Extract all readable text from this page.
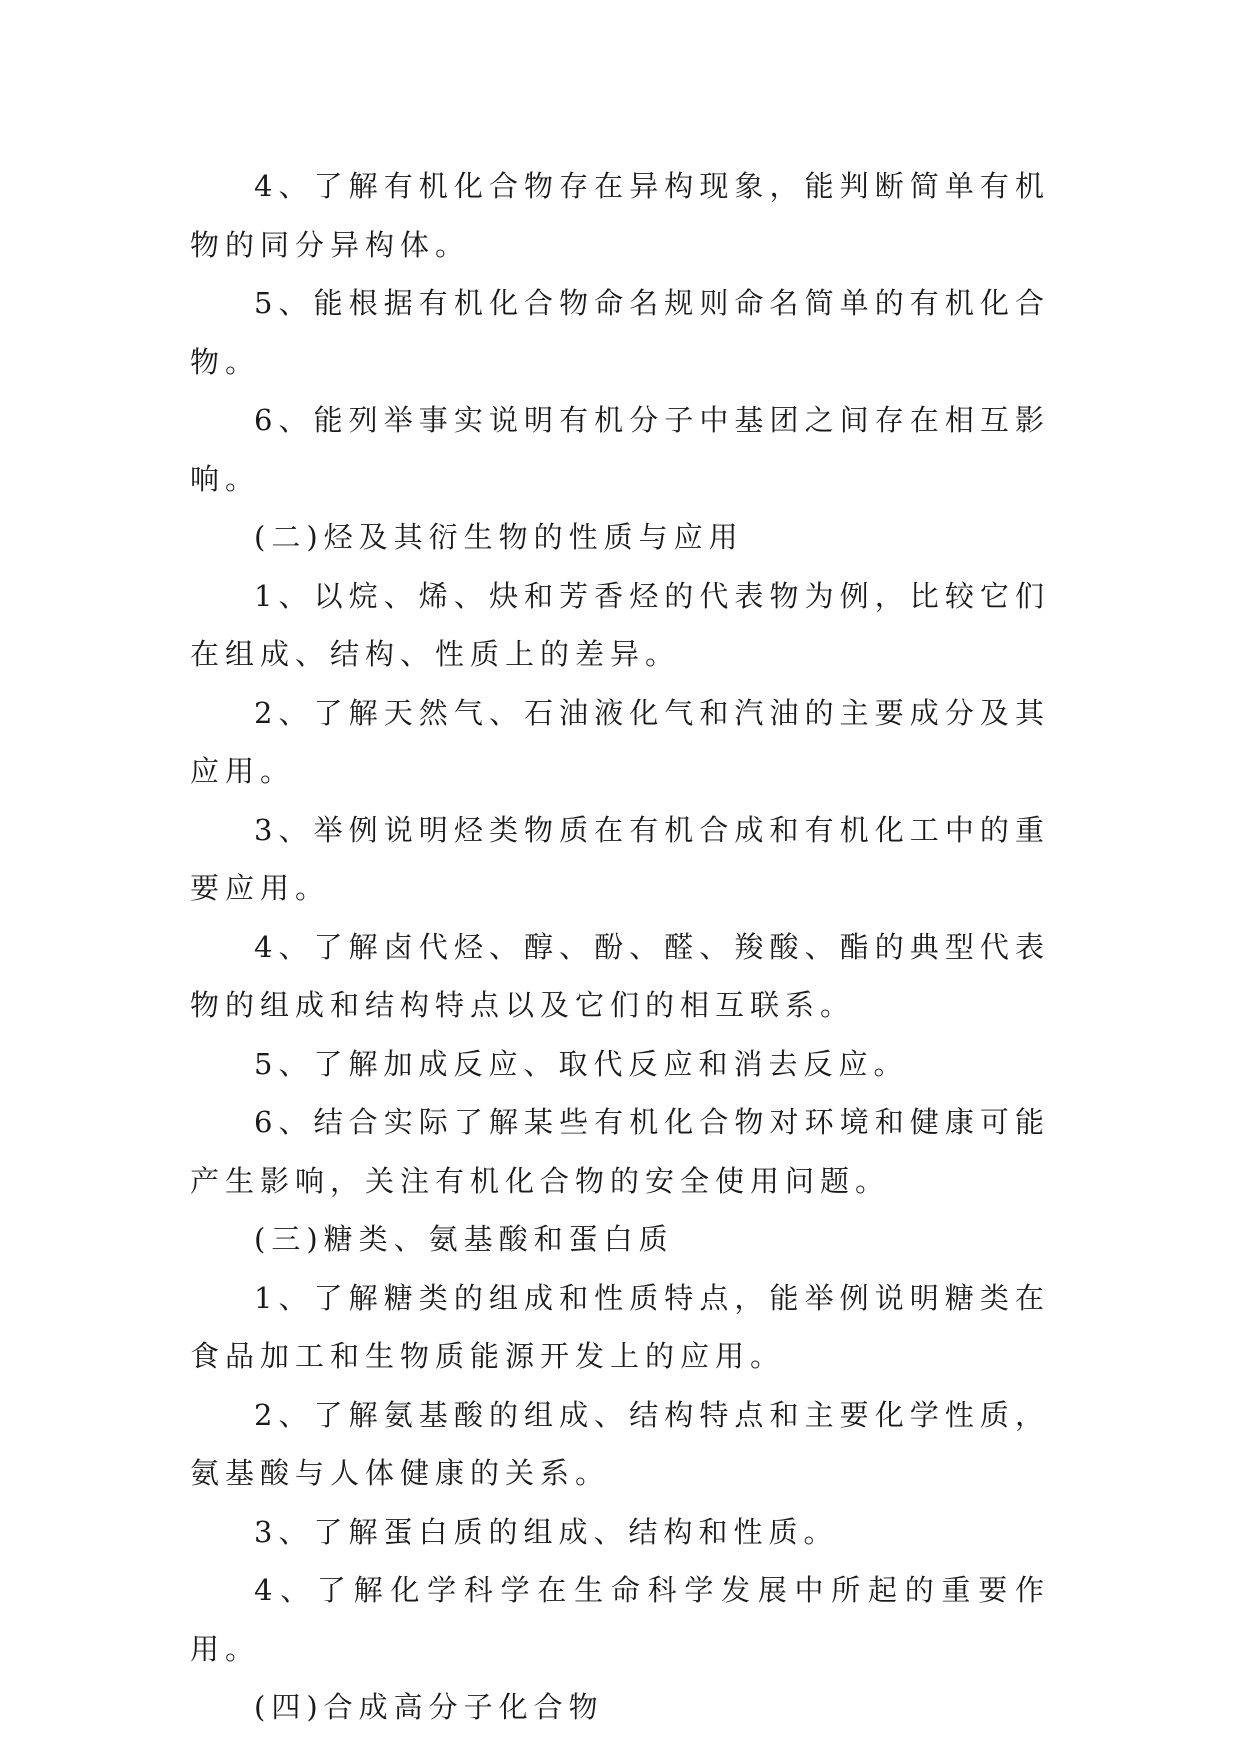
4、了解有机化合物存在异构现象，能判断简单有机物的同分异构体。

5、能根据有机化合物命名规则命名简单的有机化合物。

6、能列举事实说明有机分子中基团之间存在相互影响。

(二)烃及其衍生物的性质与应用

1、以烷、烯、炔和芳香烃的代表物为例，比较它们在组成、结构、性质上的差异。

2、了解天然气、石油液化气和汽油的主要成分及其应用。

3、举例说明烃类物质在有机合成和有机化工中的重要应用。

4、了解卤代烃、醇、酚、醛、羧酸、酯的典型代表物的组成和结构特点以及它们的相互联系。

5、了解加成反应、取代反应和消去反应。

6、结合实际了解某些有机化合物对环境和健康可能产生影响，关注有机化合物的安全使用问题。

(三)糖类、氨基酸和蛋白质

1、了解糖类的组成和性质特点，能举例说明糖类在食品加工和生物质能源开发上的应用。

2、了解氨基酸的组成、结构特点和主要化学性质，氨基酸与人体健康的关系。

3、了解蛋白质的组成、结构和性质。

4、了解化学科学在生命科学发展中所起的重要作用。

(四)合成高分子化合物
